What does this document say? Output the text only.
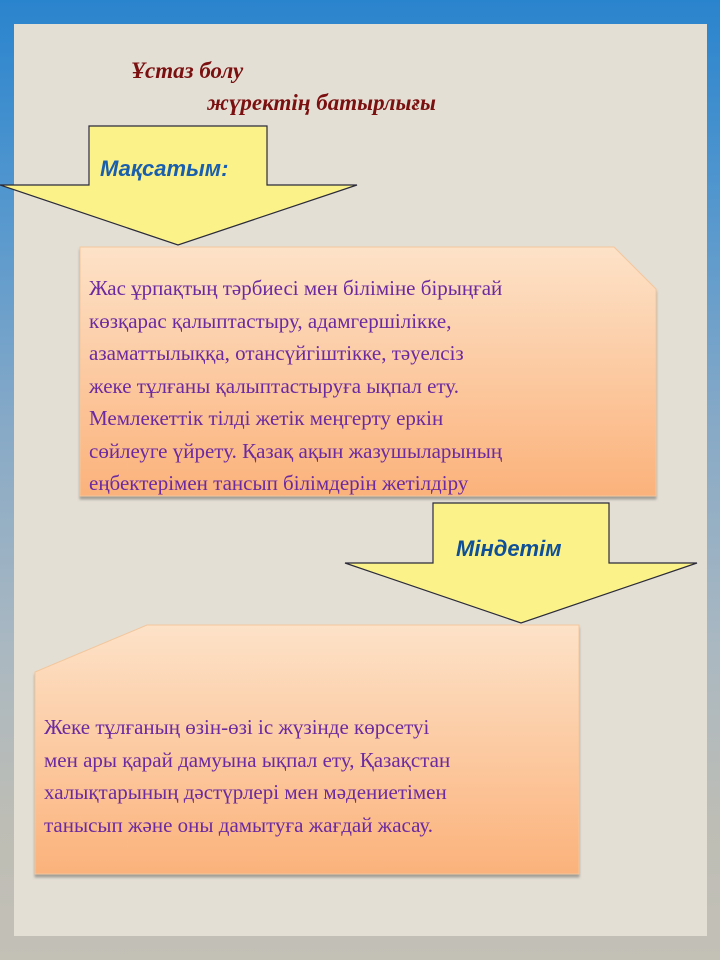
Ұстаз болу
жүректің батырлығы
Мақсатым:
Міндетім
Жас ұрпақтың тәрбиесі мен біліміне бірыңғай
көзқарас қалыптастыру, адамгершілікке,
азаматтылыққа, отансүйгіштікке, тәуелсіз
жеке тұлғаны қалыптастыруға ықпал ету.
Мемлекеттік тілді жетік меңгерту еркін
сөйлеуге үйрету. Қазақ ақын жазушыларының
еңбектерімен тансып білімдерін жетілдіру
Жеке тұлғаның өзін-өзі іс жүзінде көрсетуі
мен ары қарай дамуына ықпал ету, Қазақстан
халықтарының дәстүрлері мен мәдениетімен
танысып және оны дамытуға жағдай жасау.
